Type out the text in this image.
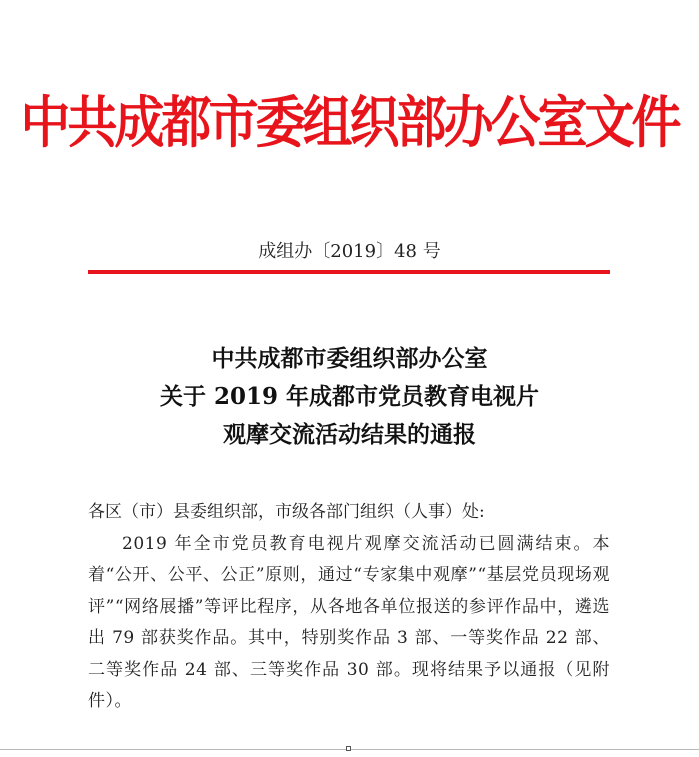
中共成都市委组织部办公室文件
成组办〔2019〕48 号
中共成都市委组织部办公室
关于 2019 年成都市党员教育电视片
观摩交流活动结果的通报
各区（市）县委组织部，市级各部门组织（人事）处:
2019 年全市党员教育电视片观摩交流活动已圆满结束。本着“公开、公平、公正”原则，通过“专家集中观摩”“基层党员现场观评”“网络展播”等评比程序，从各地各单位报送的参评作品中，遴选出 79 部获奖作品。其中，特别奖作品 3 部、一等奖作品 22 部、二等奖作品 24 部、三等奖作品 30 部。现将结果予以通报（见附件）。
